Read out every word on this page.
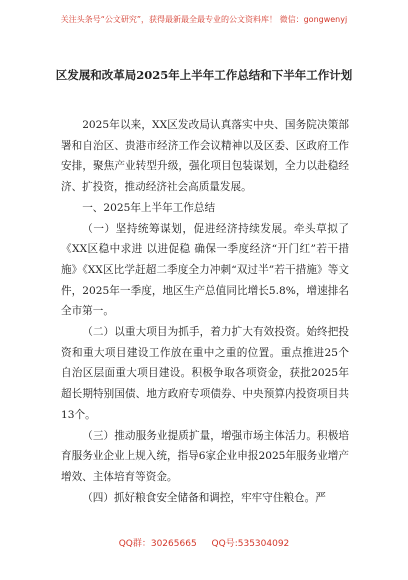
关注头条号“公文研究”，获得最新最全最专业的公文资料库！ 微信：gongwenyj
区发展和改革局2025年上半年工作总结和下半年工作计划

2025年以来，XX区发改局认真落实中央、国务院决策部署和自治区、贵港市经济工作会议精神以及区委、区政府工作安排，聚焦产业转型升级，强化项目包装谋划，全力以赴稳经济、扩投资，推动经济社会高质量发展。

一、2025年上半年工作总结

（一）坚持统筹谋划，促进经济持续发展。牵头草拟了《XX区稳中求进 以进促稳 确保一季度经济“开门红”若干措施》《XX区比学赶超二季度全力冲刺“双过半”若干措施》等文件，2025年一季度，地区生产总值同比增长5.8%，增速排名全市第一。

（二）以重大项目为抓手，着力扩大有效投资。始终把投资和重大项目建设工作放在重中之重的位置。重点推进25个自治区层面重大项目建设。积极争取各项资金，获批2025年超长期特别国债、地方政府专项债券、中央预算内投资项目共13个。

（三）推动服务业提质扩量，增强市场主体活力。积极培育服务业企业上规入统，指导6家企业申报2025年服务业增产增效、主体培育等资金。

（四）抓好粮食安全储备和调控，牢牢守住粮仓。严

QQ群：30265665 QQ号:535304092
